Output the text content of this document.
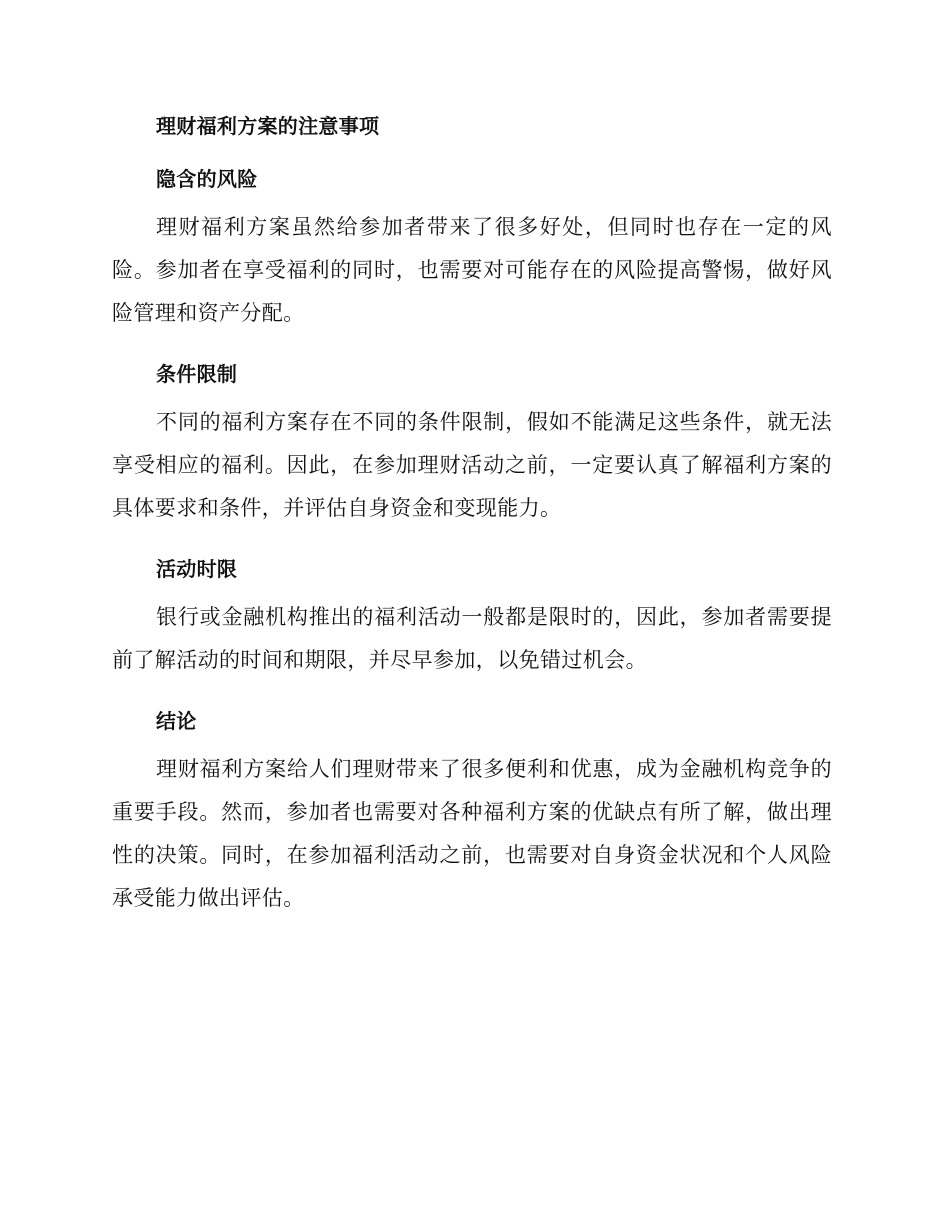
理财福利方案的注意事项
隐含的风险

理财福利方案虽然给参加者带来了很多好处，但同时也存在一定的风险。参加者在享受福利的同时，也需要对可能存在的风险提高警惕，做好风险管理和资产分配。

条件限制

不同的福利方案存在不同的条件限制，假如不能满足这些条件，就无法享受相应的福利。因此，在参加理财活动之前，一定要认真了解福利方案的具体要求和条件，并评估自身资金和变现能力。

活动时限

银行或金融机构推出的福利活动一般都是限时的，因此，参加者需要提前了解活动的时间和期限，并尽早参加，以免错过机会。

结论

理财福利方案给人们理财带来了很多便利和优惠，成为金融机构竞争的重要手段。然而，参加者也需要对各种福利方案的优缺点有所了解，做出理性的决策。同时，在参加福利活动之前，也需要对自身资金状况和个人风险承受能力做出评估。
